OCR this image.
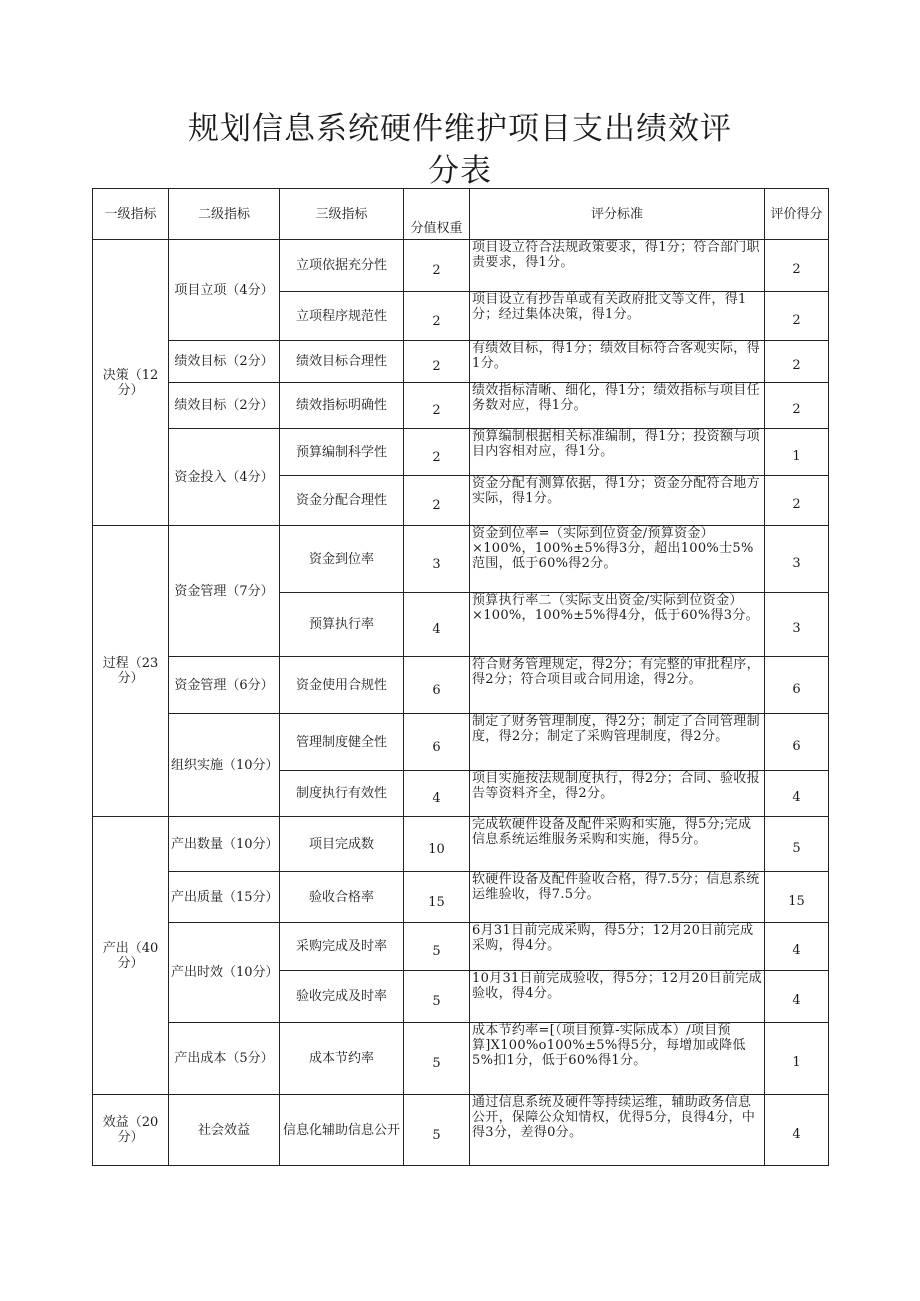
规划信息系统硬件维护项目支出绩效评
分表
一级指标	二级指标	三级指标	分值权重	评分标准	评价得分
决策（12分）	项目立项（4分）	立项依据充分性	2	项目设立符合法规政策要求，得1分；符合部门职责要求，得1分。	2
		立项程序规范性	2	项目设立有抄告单或有关政府批文等文件，得1分；经过集体决策，得1分。	2
	绩效目标（2分）	绩效目标合理性	2	有绩效目标，得1分；绩效目标符合客观实际，得1分。	2
	绩效目标（2分）	绩效指标明确性	2	绩效指标清晰、细化，得1分；绩效指标与项目任务数对应，得1分。	2
	资金投入（4分）	预算编制科学性	2	预算编制根据相关标准编制，得1分；投资额与项目内容相对应，得1分。	1
		资金分配合理性	2	资金分配有测算依据，得1分；资金分配符合地方实际，得1分。	2
过程（23分）	资金管理（7分）	资金到位率	3	资金到位率=（实际到位资金/预算资金）×100%，100%±5%得3分，超出100%士5%范围，低于60%得2分。	3
		预算执行率	4	预算执行率二（实际支出资金/实际到位资金）×100%，100%±5%得4分，低于60%得3分。	3
	资金管理（6分）	资金使用合规性	6	符合财务管理规定，得2分；有完整的审批程序，得2分；符合项目或合同用途，得2分。	6
	组织实施（10分）	管理制度健全性	6	制定了财务管理制度，得2分；制定了合同管理制度，得2分；制定了采购管理制度，得2分。	6
		制度执行有效性	4	项目实施按法规制度执行，得2分；合同、验收报告等资料齐全，得2分。	4
产出（40分）	产出数量（10分）	项目完成数	10	完成软硬件设备及配件采购和实施，得5分;完成信息系统运维服务采购和实施，得5分。	5
	产出质量（15分）	验收合格率	15	软硬件设备及配件验收合格，得7.5分；信息系统运维验收，得7.5分。	15
	产出时效（10分）	采购完成及时率	5	6月31日前完成采购，得5分；12月20日前完成采购，得4分。	4
		验收完成及时率	5	10月31日前完成验收，得5分；12月20日前完成验收，得4分。	4
	产出成本（5分）	成本节约率	5	成本节约率=[（项目预算-实际成本）/项目预算]X100%o100%±5%得5分，每增加或降低5%扣1分，低于60%得1分。	1
效益（20分）	社会效益	信息化辅助信息公开	5	通过信息系统及硬件等持续运维，辅助政务信息公开，保障公众知情权，优得5分，良得4分，中得3分，差得0分。	4
